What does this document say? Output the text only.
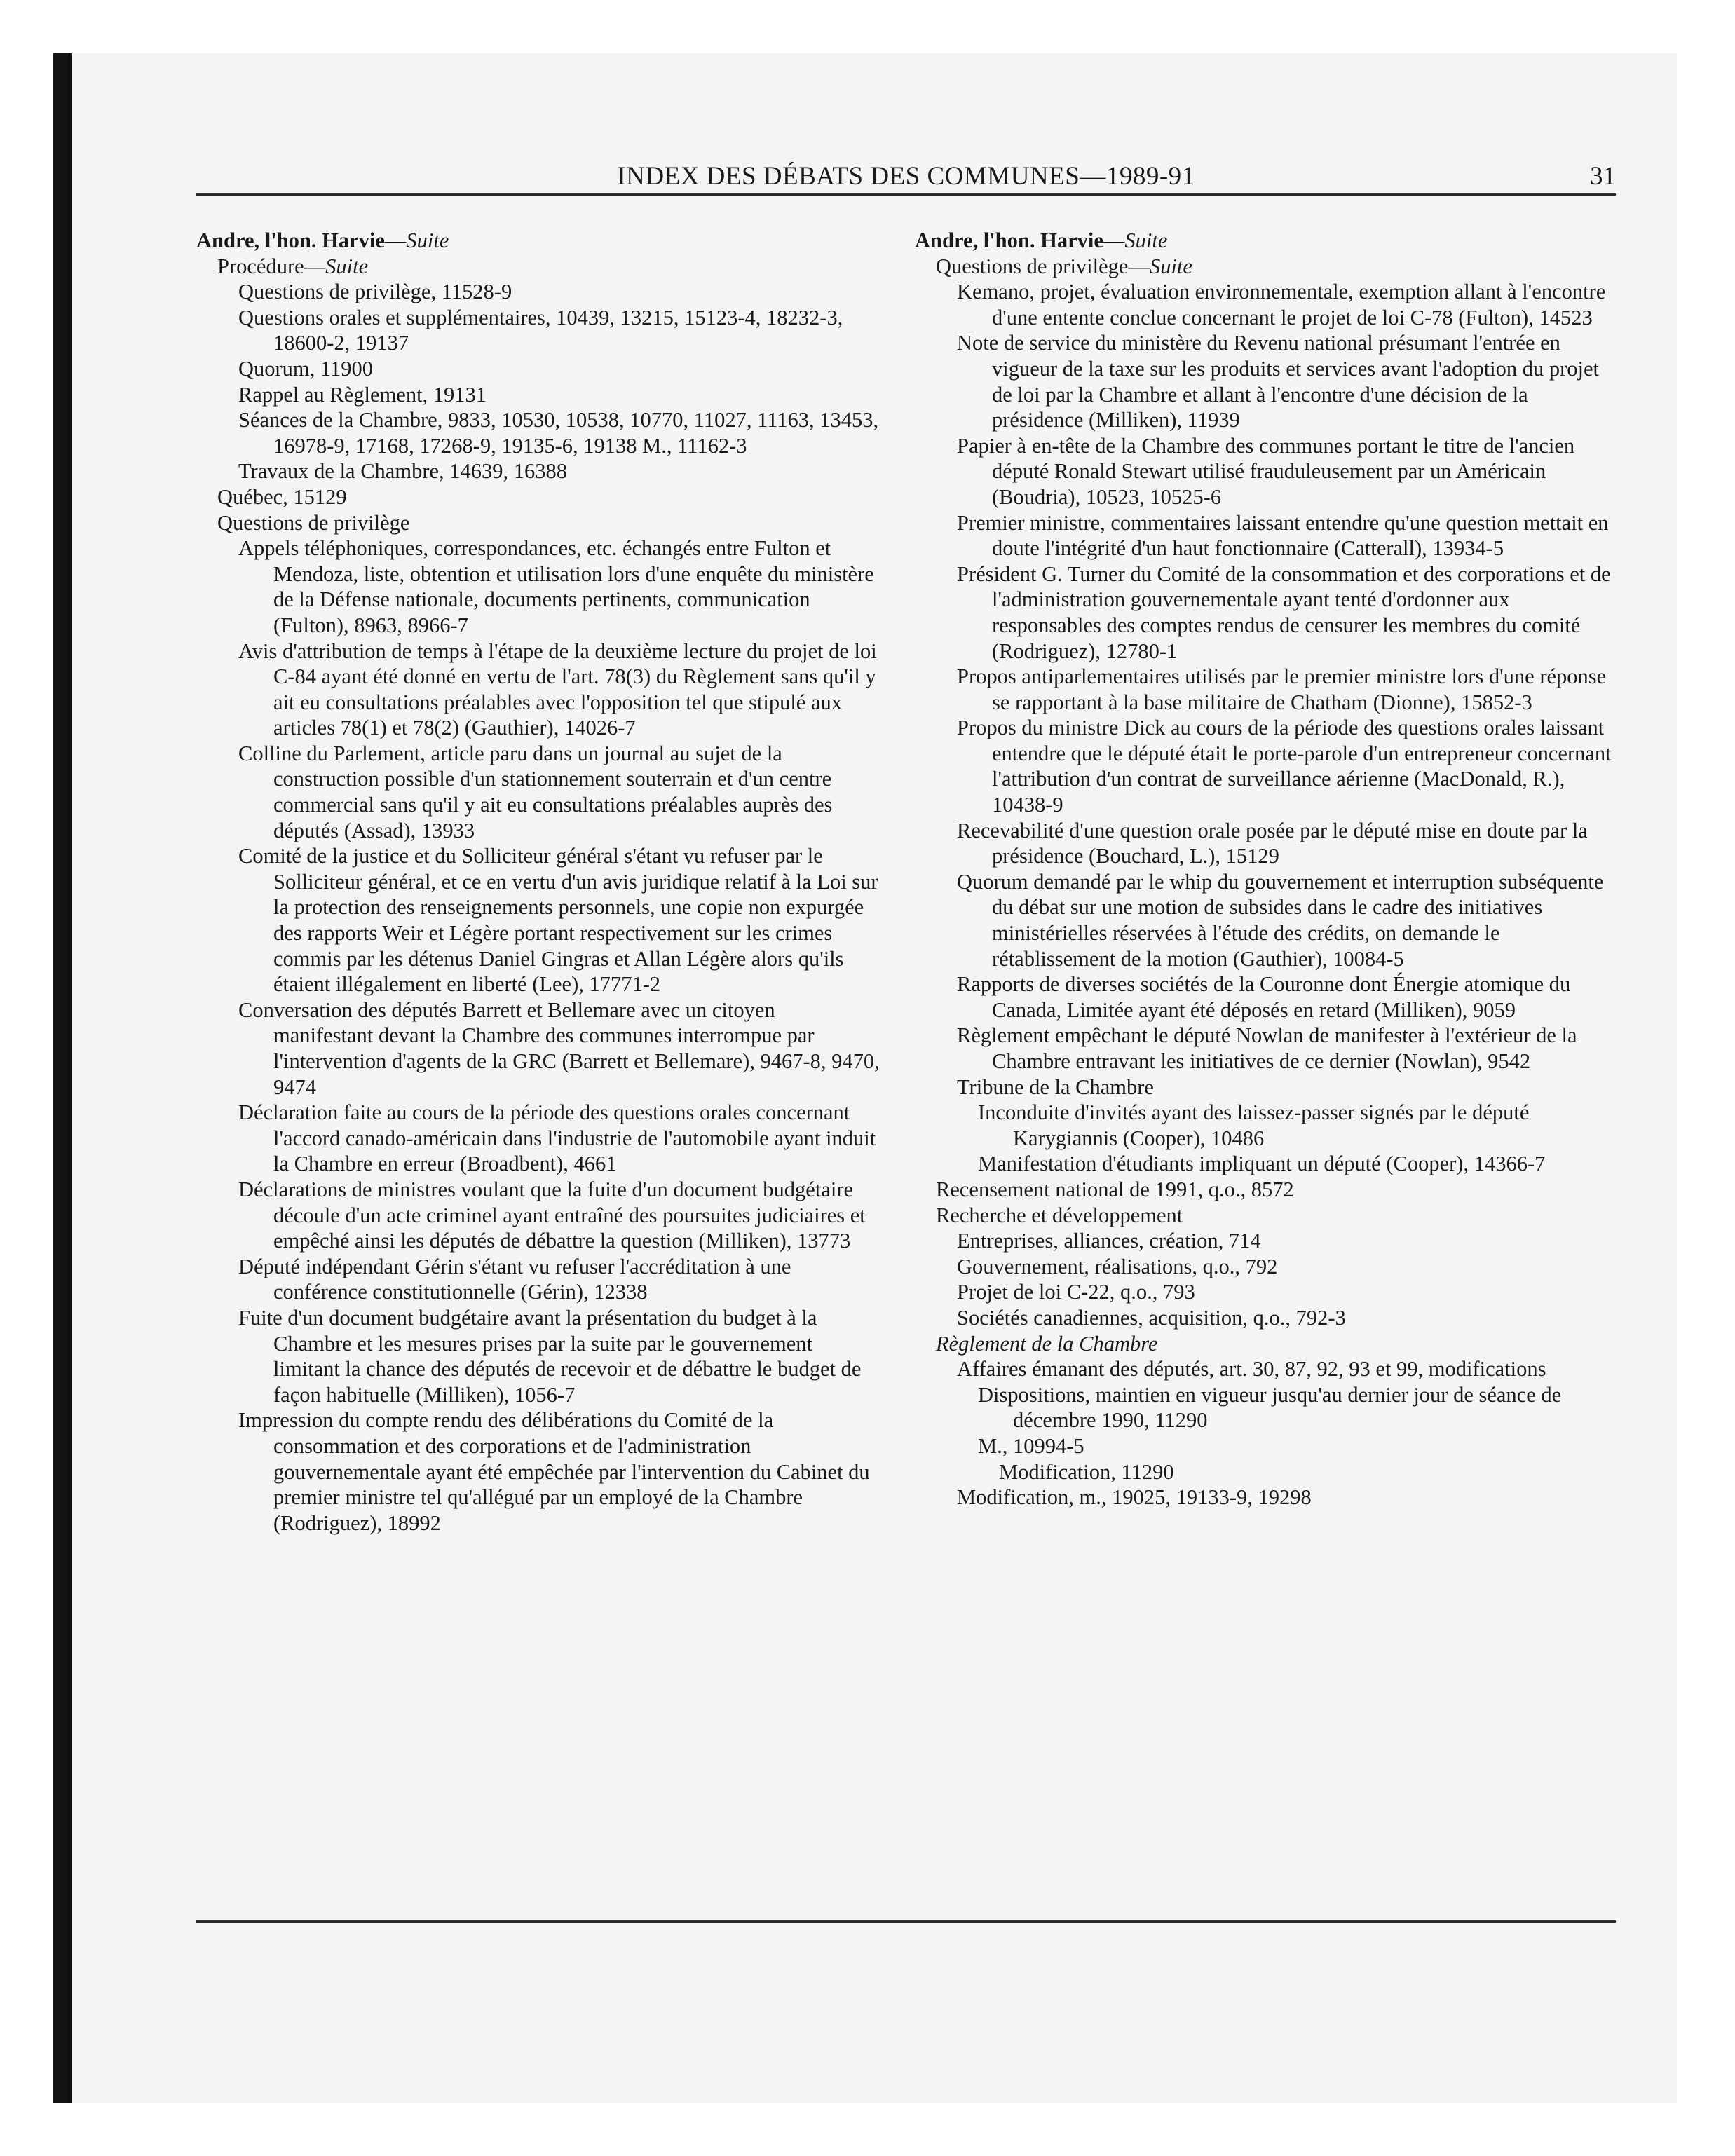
INDEX DES DÉBATS DES COMMUNES—1989-91	31
Andre, l'hon. Harvie—Suite
Procédure—Suite
Questions de privilège, 11528-9
Questions orales et supplémentaires, 10439, 13215, 15123-4, 18232-3, 18600-2, 19137
Quorum, 11900
Rappel au Règlement, 19131
Séances de la Chambre, 9833, 10530, 10538, 10770, 11027, 11163, 13453, 16978-9, 17168, 17268-9, 19135-6, 19138 M., 11162-3
Travaux de la Chambre, 14639, 16388
Québec, 15129
Questions de privilège
Appels téléphoniques, correspondances, etc. échangés entre Fulton et Mendoza, liste, obtention et utilisation lors d'une enquête du ministère de la Défense nationale, documents pertinents, communication (Fulton), 8963, 8966-7
Avis d'attribution de temps à l'étape de la deuxième lecture du projet de loi C-84 ayant été donné en vertu de l'art. 78(3) du Règlement sans qu'il y ait eu consultations préalables avec l'opposition tel que stipulé aux articles 78(1) et 78(2) (Gauthier), 14026-7
Colline du Parlement, article paru dans un journal au sujet de la construction possible d'un stationnement souterrain et d'un centre commercial sans qu'il y ait eu consultations préalables auprès des députés (Assad), 13933
Comité de la justice et du Solliciteur général s'étant vu refuser par le Solliciteur général, et ce en vertu d'un avis juridique relatif à la Loi sur la protection des renseignements personnels, une copie non expurgée des rapports Weir et Légère portant respectivement sur les crimes commis par les détenus Daniel Gingras et Allan Légère alors qu'ils étaient illégalement en liberté (Lee), 17771-2
Conversation des députés Barrett et Bellemare avec un citoyen manifestant devant la Chambre des communes interrompue par l'intervention d'agents de la GRC (Barrett et Bellemare), 9467-8, 9470, 9474
Déclaration faite au cours de la période des questions orales concernant l'accord canado-américain dans l'industrie de l'automobile ayant induit la Chambre en erreur (Broadbent), 4661
Déclarations de ministres voulant que la fuite d'un document budgétaire découle d'un acte criminel ayant entraîné des poursuites judiciaires et empêché ainsi les députés de débattre la question (Milliken), 13773
Député indépendant Gérin s'étant vu refuser l'accréditation à une conférence constitutionnelle (Gérin), 12338
Fuite d'un document budgétaire avant la présentation du budget à la Chambre et les mesures prises par la suite par le gouvernement limitant la chance des députés de recevoir et de débattre le budget de façon habituelle (Milliken), 1056-7
Impression du compte rendu des délibérations du Comité de la consommation et des corporations et de l'administration gouvernementale ayant été empêchée par l'intervention du Cabinet du premier ministre tel qu'allégué par un employé de la Chambre (Rodriguez), 18992
Andre, l'hon. Harvie—Suite
Questions de privilège—Suite
Kemano, projet, évaluation environnementale, exemption allant à l'encontre d'une entente conclue concernant le projet de loi C-78 (Fulton), 14523
Note de service du ministère du Revenu national présumant l'entrée en vigueur de la taxe sur les produits et services avant l'adoption du projet de loi par la Chambre et allant à l'encontre d'une décision de la présidence (Milliken), 11939
Papier à en-tête de la Chambre des communes portant le titre de l'ancien député Ronald Stewart utilisé frauduleusement par un Américain (Boudria), 10523, 10525-6
Premier ministre, commentaires laissant entendre qu'une question mettait en doute l'intégrité d'un haut fonctionnaire (Catterall), 13934-5
Président G. Turner du Comité de la consommation et des corporations et de l'administration gouvernementale ayant tenté d'ordonner aux responsables des comptes rendus de censurer les membres du comité (Rodriguez), 12780-1
Propos antiparlementaires utilisés par le premier ministre lors d'une réponse se rapportant à la base militaire de Chatham (Dionne), 15852-3
Propos du ministre Dick au cours de la période des questions orales laissant entendre que le député était le porte-parole d'un entrepreneur concernant l'attribution d'un contrat de surveillance aérienne (MacDonald, R.), 10438-9
Recevabilité d'une question orale posée par le député mise en doute par la présidence (Bouchard, L.), 15129
Quorum demandé par le whip du gouvernement et interruption subséquente du débat sur une motion de subsides dans le cadre des initiatives ministérielles réservées à l'étude des crédits, on demande le rétablissement de la motion (Gauthier), 10084-5
Rapports de diverses sociétés de la Couronne dont Énergie atomique du Canada, Limitée ayant été déposés en retard (Milliken), 9059
Règlement empêchant le député Nowlan de manifester à l'extérieur de la Chambre entravant les initiatives de ce dernier (Nowlan), 9542
Tribune de la Chambre
Inconduite d'invités ayant des laissez-passer signés par le député Karygiannis (Cooper), 10486
Manifestation d'étudiants impliquant un député (Cooper), 14366-7
Recensement national de 1991, q.o., 8572
Recherche et développement
Entreprises, alliances, création, 714
Gouvernement, réalisations, q.o., 792
Projet de loi C-22, q.o., 793
Sociétés canadiennes, acquisition, q.o., 792-3
Règlement de la Chambre
Affaires émanant des députés, art. 30, 87, 92, 93 et 99, modifications
Dispositions, maintien en vigueur jusqu'au dernier jour de séance de décembre 1990, 11290
M., 10994-5
Modification, 11290
Modification, m., 19025, 19133-9, 19298
